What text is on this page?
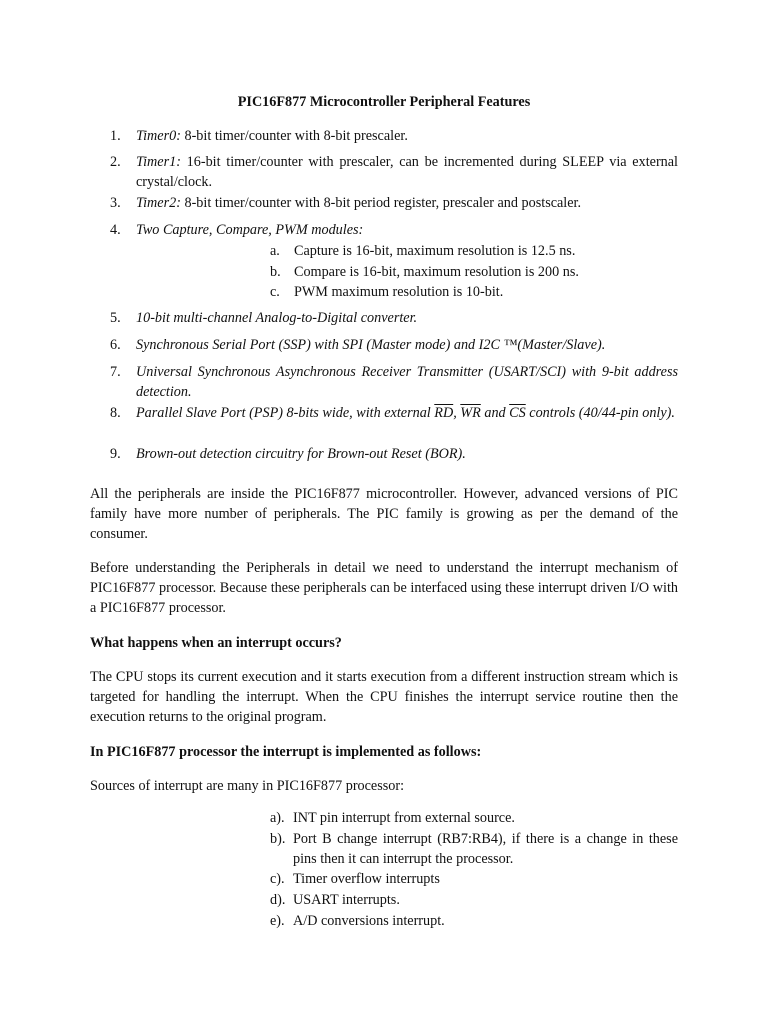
PIC16F877 Microcontroller Peripheral Features
1. Timer0: 8-bit timer/counter with 8-bit prescaler.
2. Timer1: 16-bit timer/counter with prescaler, can be incremented during SLEEP via external crystal/clock.
3. Timer2: 8-bit timer/counter with 8-bit period register, prescaler and postscaler.
4. Two Capture, Compare, PWM modules:
a. Capture is 16-bit, maximum resolution is 12.5 ns.
b. Compare is 16-bit, maximum resolution is 200 ns.
c. PWM maximum resolution is 10-bit.
5. 10-bit multi-channel Analog-to-Digital converter.
6. Synchronous Serial Port (SSP) with SPI (Master mode) and I2C ™(Master/Slave).
7. Universal Synchronous Asynchronous Receiver Transmitter (USART/SCI) with 9-bit address detection.
8. Parallel Slave Port (PSP) 8-bits wide, with external $\overline{RD}$, $\overline{WR}$ and $\overline{CS}$ controls (40/44-pin only).
9. Brown-out detection circuitry for Brown-out Reset (BOR).
All the peripherals are inside the PIC16F877 microcontroller. However, advanced versions of PIC family have more number of peripherals. The PIC family is growing as per the demand of the consumer.
Before understanding the Peripherals in detail we need to understand the interrupt mechanism of PIC16F877 processor. Because these peripherals can be interfaced using these interrupt driven I/O with a PIC16F877 processor.
What happens when an interrupt occurs?
The CPU stops its current execution and it starts execution from a different instruction stream which is targeted for handling the interrupt. When the CPU finishes the interrupt service routine then the execution returns to the original program.
In PIC16F877 processor the interrupt is implemented as follows:
Sources of interrupt are many in PIC16F877 processor:
a). INT pin interrupt from external source.
b). Port B change interrupt (RB7:RB4), if there is a change in these pins then it can interrupt the processor.
c). Timer overflow interrupts
d). USART interrupts.
e). A/D conversions interrupt.
